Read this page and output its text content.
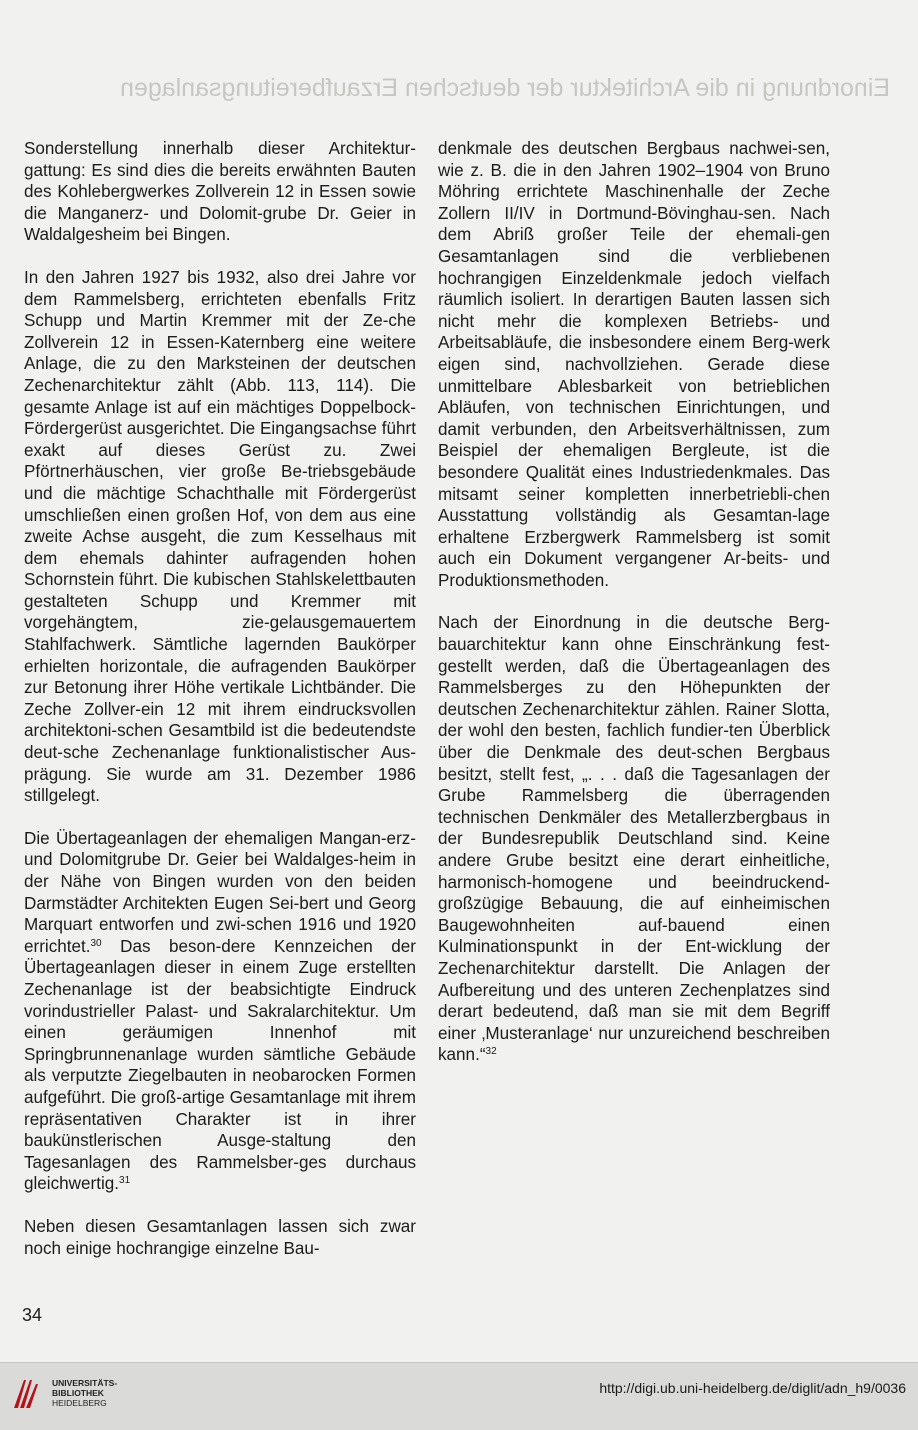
Einordnung in die Architektur der deutschen Erzaufbereitungsanlagen

Sonderstellung innerhalb dieser Architektur-gattung: Es sind dies die bereits erwähnten Bauten des Kohlebergwerkes Zollverein 12 in Essen sowie die Manganerz- und Dolomit-grube Dr. Geier in Waldalgesheim bei Bingen.

In den Jahren 1927 bis 1932, also drei Jahre vor dem Rammelsberg, errichteten ebenfalls Fritz Schupp und Martin Kremmer mit der Ze-che Zollverein 12 in Essen-Katernberg eine weitere Anlage, die zu den Marksteinen der deutschen Zechenarchitektur zählt (Abb. 113, 114). Die gesamte Anlage ist auf ein mächtiges Doppelbock-Fördergerüst ausgerichtet. Die Eingangsachse führt exakt auf dieses Gerüst zu. Zwei Pförtnerhäuschen, vier große Be-triebsgebäude und die mächtige Schachthalle mit Fördergerüst umschließen einen großen Hof, von dem aus eine zweite Achse ausgeht, die zum Kesselhaus mit dem ehemals dahinter aufragenden hohen Schornstein führt. Die kubischen Stahlskelettbauten gestalteten Schupp und Kremmer mit vorgehängtem, zie-gelausgemauertem Stahlfachwerk. Sämtliche lagernden Baukörper erhielten horizontale, die aufragenden Baukörper zur Betonung ihrer Höhe vertikale Lichtbänder. Die Zeche Zollver-ein 12 mit ihrem eindrucksvollen architektoni-schen Gesamtbild ist die bedeutendste deut-sche Zechenanlage funktionalistischer Aus-prägung. Sie wurde am 31. Dezember 1986 stillgelegt.

Die Übertageanlagen der ehemaligen Mangan-erz- und Dolomitgrube Dr. Geier bei Waldalges-heim in der Nähe von Bingen wurden von den beiden Darmstädter Architekten Eugen Sei-bert und Georg Marquart entworfen und zwi-schen 1916 und 1920 errichtet.$^{30}$ Das beson-dere Kennzeichen der Übertageanlagen dieser in einem Zuge erstellten Zechenanlage ist der beabsichtigte Eindruck vorindustrieller Palast- und Sakralarchitektur. Um einen geräumigen Innenhof mit Springbrunnenanlage wurden sämtliche Gebäude als verputzte Ziegelbauten in neobarocken Formen aufgeführt. Die groß-artige Gesamtanlage mit ihrem repräsentativen Charakter ist in ihrer baukünstlerischen Ausge-staltung den Tagesanlagen des Rammelsber-ges durchaus gleichwertig.$^{31}$

Neben diesen Gesamtanlagen lassen sich zwar noch einige hochrangige einzelne Bau-

denkmale des deutschen Bergbaus nachwei-sen, wie z. B. die in den Jahren 1902–1904 von Bruno Möhring errichtete Maschinenhalle der Zeche Zollern II/IV in Dortmund-Bövinghau-sen. Nach dem Abriß großer Teile der ehemali-gen Gesamtanlagen sind die verbliebenen hochrangigen Einzeldenkmale jedoch vielfach räumlich isoliert. In derartigen Bauten lassen sich nicht mehr die komplexen Betriebs- und Arbeitsabläufe, die insbesondere einem Berg-werk eigen sind, nachvollziehen. Gerade diese unmittelbare Ablesbarkeit von betrieblichen Abläufen, von technischen Einrichtungen, und damit verbunden, den Arbeitsverhältnissen, zum Beispiel der ehemaligen Bergleute, ist die besondere Qualität eines Industriedenkmales. Das mitsamt seiner kompletten innerbetriebli-chen Ausstattung vollständig als Gesamtan-lage erhaltene Erzbergwerk Rammelsberg ist somit auch ein Dokument vergangener Ar-beits- und Produktionsmethoden.

Nach der Einordnung in die deutsche Berg-bauarchitektur kann ohne Einschränkung fest-gestellt werden, daß die Übertageanlagen des Rammelsberges zu den Höhepunkten der deutschen Zechenarchitektur zählen. Rainer Slotta, der wohl den besten, fachlich fundier-ten Überblick über die Denkmale des deut-schen Bergbaus besitzt, stellt fest, „. . . daß die Tagesanlagen der Grube Rammelsberg die überragenden technischen Denkmäler des Metallerzbergbaus in der Bundesrepublik Deutschland sind. Keine andere Grube besitzt eine derart einheitliche, harmonisch-homogene und beeindruckend-großzügige Bebauung, die auf einheimischen Baugewohnheiten auf-bauend einen Kulminationspunkt in der Ent-wicklung der Zechenarchitektur darstellt. Die Anlagen der Aufbereitung und des unteren Zechenplatzes sind derart bedeutend, daß man sie mit dem Begriff einer ‚Musteranlage‘ nur unzureichend beschreiben kann.“$^{32}$

34
UNIVERSITÄTS-
BIBLIOTHEK
HEIDELBERG
http://digi.ub.uni-heidelberg.de/diglit/adn_h9/0036
